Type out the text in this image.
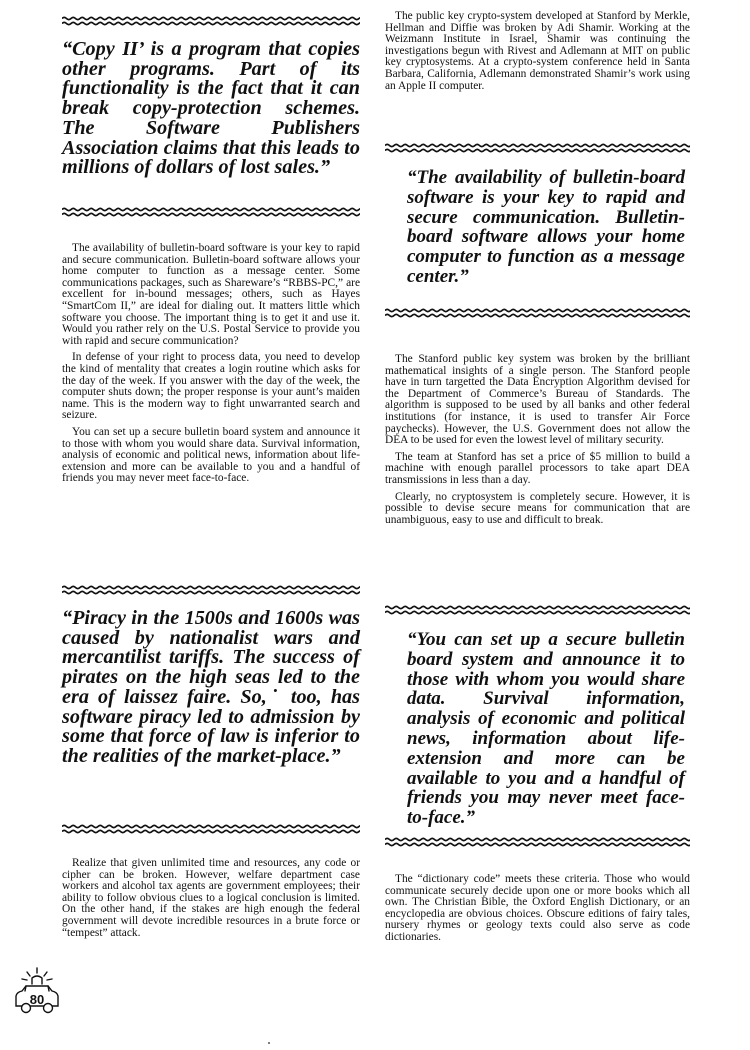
“Copy II’ is a program that copies other programs. Part of its functionality is the fact that it can break copy-protection schemes. The Software Publishers Association claims that this leads to millions of dollars of lost sales.”

The availability of bulletin-board software is your key to rapid and secure communication. Bulletin-board software allows your home computer to function as a message center. Some communications packages, such as Shareware’s “RBBS-PC,” are excellent for in-bound messages; others, such as Hayes “SmartCom II,” are ideal for dialing out. It matters little which software you choose. The important thing is to get it and use it. Would you rather rely on the U.S. Postal Service to provide you with rapid and secure communication?

In defense of your right to process data, you need to develop the kind of mentality that creates a login routine which asks for the day of the week. If you answer with the day of the week, the computer shuts down; the proper response is your aunt’s maiden name. This is the modern way to fight unwarranted search and seizure.

You can set up a secure bulletin board system and announce it to those with whom you would share data. Survival information, analysis of economic and political news, information about life-extension and more can be available to you and a handful of friends you may never meet face-to-face.

“Piracy in the 1500s and 1600s was caused by nationalist wars and mercantilist tariffs. The success of pirates on the high seas led to the era of laissez faire. So,˙ too, has software piracy led to admission by some that force of law is inferior to the realities of the market-place.”

Realize that given unlimited time and resources, any code or cipher can be broken. However, welfare department case workers and alcohol tax agents are government employees; their ability to follow obvious clues to a logical conclusion is limited. On the other hand, if the stakes are high enough the federal government will devote incredible resources in a brute force or “tempest” attack.

The public key crypto-system developed at Stanford by Merkle, Hellman and Diffie was broken by Adi Shamir. Working at the Weizmann Institute in Israel, Shamir was continuing the investigations begun with Rivest and Adlemann at MIT on public key cryptosystems. At a crypto-system conference held in Santa Barbara, California, Adlemann demonstrated Shamir’s work using an Apple II computer.

“The availability of bulletin-board software is your key to rapid and secure communication. Bulletin-board software allows your home computer to function as a message center.”

The Stanford public key system was broken by the brilliant mathematical insights of a single person. The Stanford people have in turn targetted the Data Encryption Algorithm devised for the Department of Commerce’s Bureau of Standards. The algorithm is supposed to be used by all banks and other federal institutions (for instance, it is used to transfer Air Force paychecks). However, the U.S. Government does not allow the DEA to be used for even the lowest level of military security.

The team at Stanford has set a price of $5 million to build a machine with enough parallel processors to take apart DEA transmissions in less than a day.

Clearly, no cryptosystem is completely secure. However, it is possible to devise secure means for communication that are unambiguous, easy to use and difficult to break.

“You can set up a secure bulletin board system and announce it to those with whom you would share data. Survival information, analysis of economic and political news, information about life-extension and more can be available to you and a handful of friends you may never meet face-to-face.”

The “dictionary code” meets these criteria. Those who would communicate securely decide upon one or more books which all own. The Christian Bible, the Oxford English Dictionary, or an encyclopedia are obvious choices. Obscure editions of fairy tales, nursery rhymes or geology texts could also serve as code dictionaries.

80
